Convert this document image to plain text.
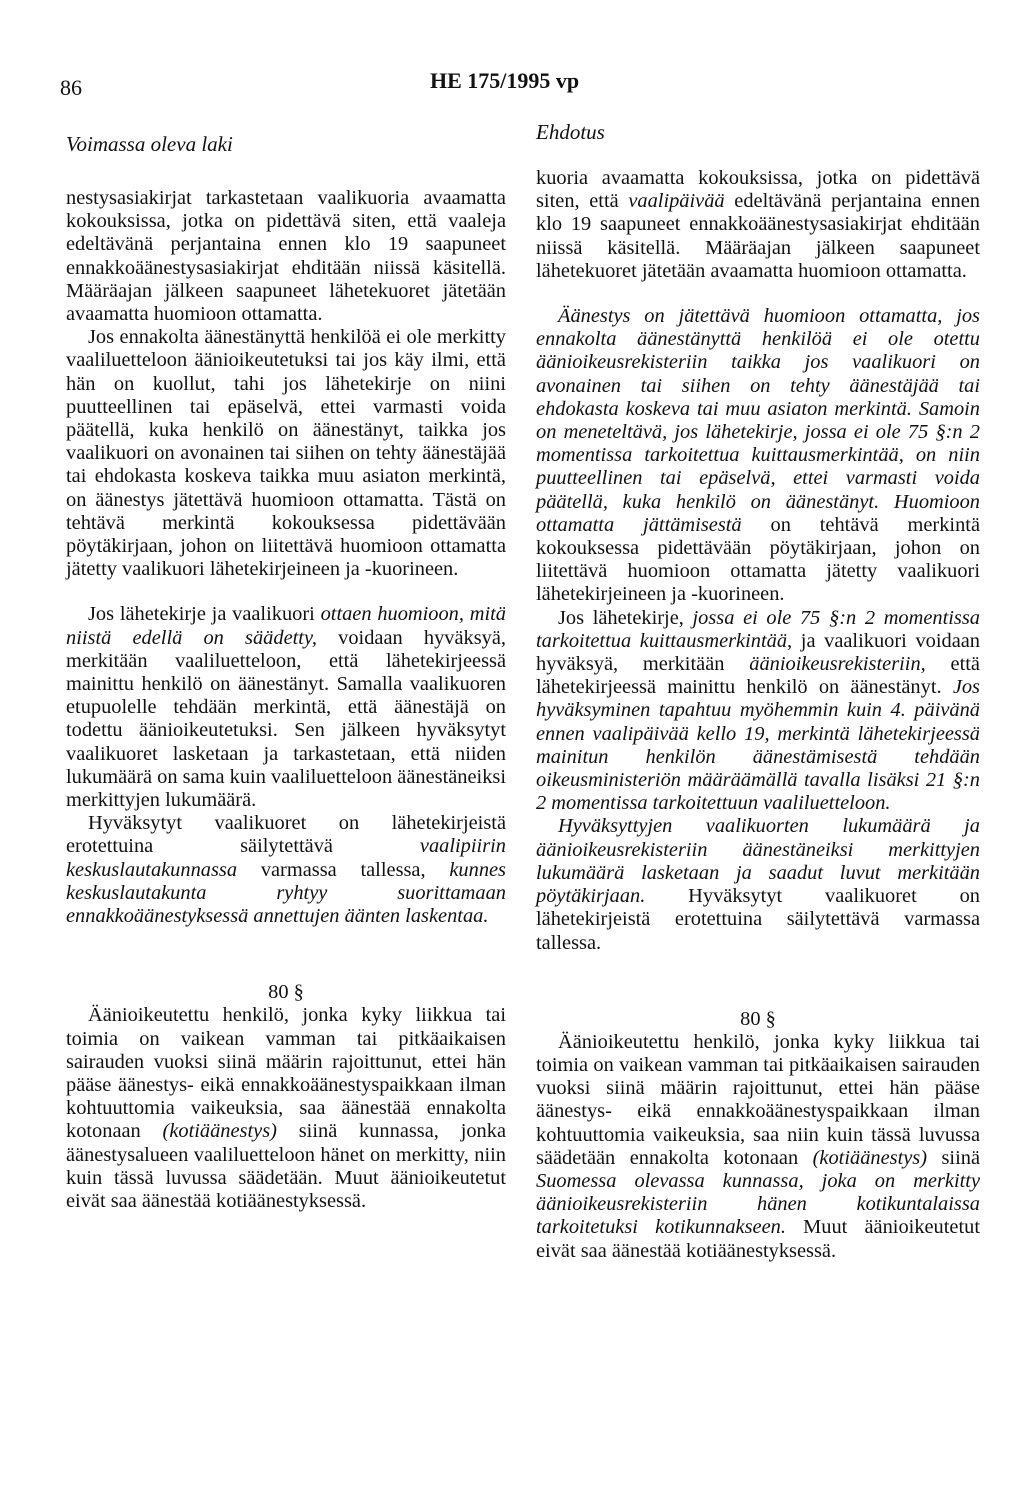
86	HE 175/1995 vp
Voimassa oleva laki

nestysasiakirjat tarkastetaan vaalikuoria avaamatta kokouksissa, jotka on pidettävä siten, että vaaleja edeltävänä perjantaina ennen klo 19 saapuneet ennakkoäänestysasiakirjat ehditään niissä käsitellä. Määräajan jälkeen saapuneet lähetekuoret jätetään avaamatta huomioon ottamatta.

Jos ennakolta äänestänyttä henkilöä ei ole merkitty vaaliluetteloon äänioikeutetuksi tai jos käy ilmi, että hän on kuollut, tahi jos lähetekirje on niini puutteellinen tai epäselvä, ettei varmasti voida päätellä, kuka henkilö on äänestänyt, taikka jos vaalikuori on avonainen tai siihen on tehty äänestäjää tai ehdokasta koskeva taikka muu asiaton merkintä, on äänestys jätettävä huomioon ottamatta. Tästä on tehtävä merkintä kokouksessa pidettävään pöytäkirjaan, johon on liitettävä huomioon ottamatta jätetty vaalikuori lähetekirjeineen ja -kuorineen.

Jos lähetekirje ja vaalikuori ottaen huomioon, mitä niistä edellä on säädetty, voidaan hyväksyä, merkitään vaaliluetteloon, että lähetekirjeessä mainittu henkilö on äänestänyt. Samalla vaalikuoren etupuolelle tehdään merkintä, että äänestäjä on todettu äänioikeutetuksi. Sen jälkeen hyväksytyt vaalikuoret lasketaan ja tarkastetaan, että niiden lukumäärä on sama kuin vaaliluetteloon äänestäneiksi merkittyjen lukumäärä.

Hyväksytyt vaalikuoret on lähetekirjeistä erotettuina säilytettävä vaalipiirin keskuslautakunnassa varmassa tallessa, kunnes keskuslautakunta ryhtyy suorittamaan ennakkoäänestyksessä annettujen äänten laskentaa.

80 §

Äänioikeutettu henkilö, jonka kyky liikkua tai toimia on vaikean vamman tai pitkäaikaisen sairauden vuoksi siinä määrin rajoittunut, ettei hän pääse äänestys- eikä ennakkoäänestyspaikkaan ilman kohtuuttomia vaikeuksia, saa äänestää ennakolta kotonaan (kotiäänestys) siinä kunnassa, jonka äänestysalueen vaaliluetteloon hänet on merkitty, niin kuin tässä luvussa säädetään. Muut äänioikeutetut eivät saa äänestää kotiäänestyksessä.

Ehdotus

kuoria avaamatta kokouksissa, jotka on pidettävä siten, että vaalipäivää edeltävänä perjantaina ennen klo 19 saapuneet ennakkoäänestysasiakirjat ehditään niissä käsitellä. Määräajan jälkeen saapuneet lähetekuoret jätetään avaamatta huomioon ottamatta.

Äänestys on jätettävä huomioon ottamatta, jos ennakolta äänestänyttä henkilöä ei ole otettu äänioikeusrekisteriin taikka jos vaalikuori on avonainen tai siihen on tehty äänestäjää tai ehdokasta koskeva tai muu asiaton merkintä. Samoin on meneteltävä, jos lähetekirje, jossa ei ole 75 §:n 2 momentissa tarkoitettua kuittausmerkintää, on niin puutteellinen tai epäselvä, ettei varmasti voida päätellä, kuka henkilö on äänestänyt. Huomioon ottamatta jättämisestä on tehtävä merkintä kokouksessa pidettävään pöytäkirjaan, johon on liitettävä huomioon ottamatta jätetty vaalikuori lähetekirjeineen ja -kuorineen.

Jos lähetekirje, jossa ei ole 75 §:n 2 momentissa tarkoitettua kuittausmerkintää, ja vaalikuori voidaan hyväksyä, merkitään äänioikeusrekisteriin, että lähetekirjeessä mainittu henkilö on äänestänyt. Jos hyväksyminen tapahtuu myöhemmin kuin 4. päivänä ennen vaalipäivää kello 19, merkintä lähetekirjeessä mainitun henkilön äänestämisestä tehdään oikeusministeriön määräämällä tavalla lisäksi 21 §:n 2 momentissa tarkoitettuun vaaliluetteloon.

Hyväksyttyjen vaalikuorten lukumäärä ja äänioikeusrekisteriin äänestäneiksi merkittyjen lukumäärä lasketaan ja saadut luvut merkitään pöytäkirjaan. Hyväksytyt vaalikuoret on lähetekirjeistä erotettuina säilytettävä varmassa tallessa.

80 §

Äänioikeutettu henkilö, jonka kyky liikkua tai toimia on vaikean vamman tai pitkäaikaisen sairauden vuoksi siinä määrin rajoittunut, ettei hän pääse äänestys- eikä ennakkoäänestyspaikkaan ilman kohtuuttomia vaikeuksia, saa niin kuin tässä luvussa säädetään ennakolta kotonaan (kotiäänestys) siinä Suomessa olevassa kunnassa, joka on merkitty äänioikeusrekisteriin hänen kotikuntalaissa tarkoitetuksi kotikunnakseen. Muut äänioikeutetut eivät saa äänestää kotiäänestyksessä.
